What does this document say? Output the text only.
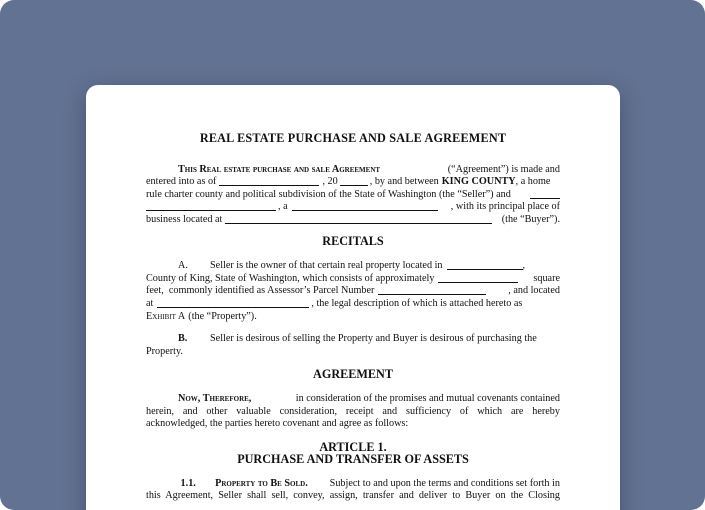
REAL ESTATE PURCHASE AND SALE AGREEMENT
This Real estate purchase and sale Agreement	(“Agreement”) is made and
entered into as of	, 20	, by and between KING COUNTY , a home
rule charter county and political subdivision of the State of Washington (the “Seller”) and
, a	, with its principal place of
business located at	(the “Buyer”).
RECITALS
A.	Seller is the owner of that certain real property located in	,
County of King, State of Washington, which consists of approximately	square
feet,  commonly identified as Assessor’s Parcel Number	, and located
at	, the legal description of which is attached hereto as
Exhibit A (the “Property”).
B.	Seller is desirous of selling the Property and Buyer is desirous of purchasing the
Property.
AGREEMENT
Now, Therefore,	in consideration of the promises and mutual covenants contained

herein, and other valuable consideration, receipt and sufficiency of which are hereby

acknowledged, the parties hereto covenant and agree as follows:
ARTICLE 1.
PURCHASE AND TRANSFER OF ASSETS
1.1. Property to Be Sold. Subject to and upon the terms and conditions set forth in

this Agreement, Seller shall sell, convey, assign, transfer and deliver to Buyer on the Closing
